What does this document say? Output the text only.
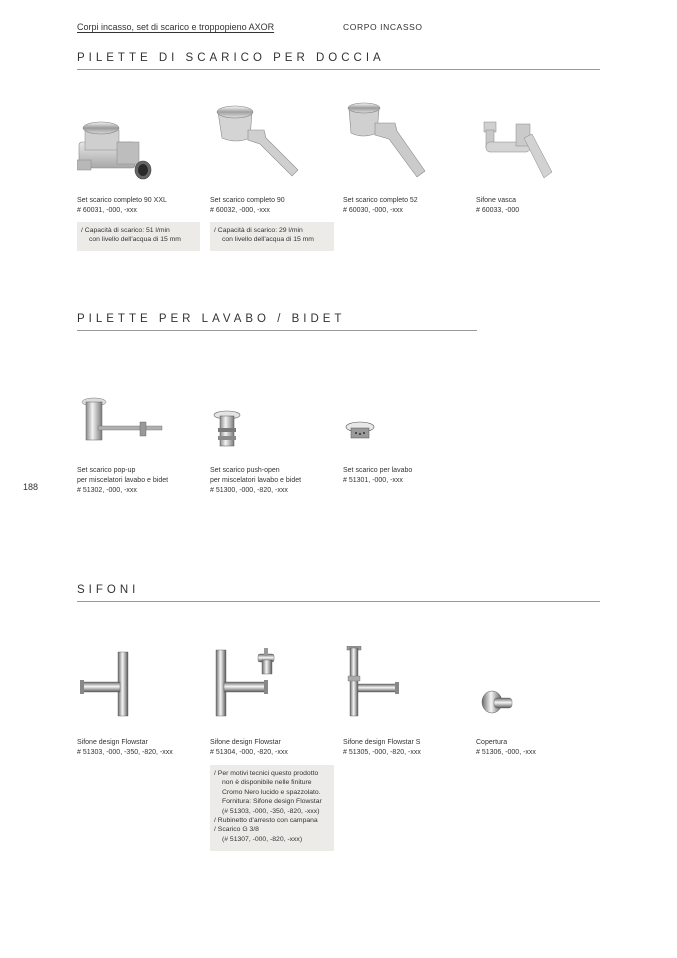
Corpi incasso, set di scarico e troppopieno AXOR	CORPO INCASSO
PILETTE DI SCARICO PER DOCCIA
Set scarico completo 90 XXL
# 60031, -000, -xxx
/ Capacità di scarico: 51 l/min
con livello dell'acqua di 15 mm
Set scarico completo 90
# 60032, -000, -xxx
/ Capacità di scarico: 29 l/min
con livello dell'acqua di 15 mm
Set scarico completo 52
# 60030, -000, -xxx
Sifone vasca
# 60033, -000
PILETTE PER LAVABO / BIDET
Set scarico pop-up
per miscelatori lavabo e bidet
# 51302, -000, -xxx
Set scarico push-open
per miscelatori lavabo e bidet
# 51300, -000, -820, -xxx
Set scarico per lavabo
# 51301, -000, -xxx
188
SIFONI
Sifone design Flowstar
# 51303, -000, -350, -820, -xxx
Sifone design Flowstar
# 51304, -000, -820, -xxx
/ Per motivi tecnici questo prodotto
non è disponibile nelle finiture
Cromo Nero lucido e spazzolato.
Fornitura: Sifone design Flowstar
(# 51303, -000, -350, -820, -xxx)
/ Rubinetto d'arresto con campana
/ Scarico G 3/8
(# 51307, -000, -820, -xxx)
Sifone design Flowstar S
# 51305, -000, -820, -xxx
Copertura
# 51306, -000, -xxx
